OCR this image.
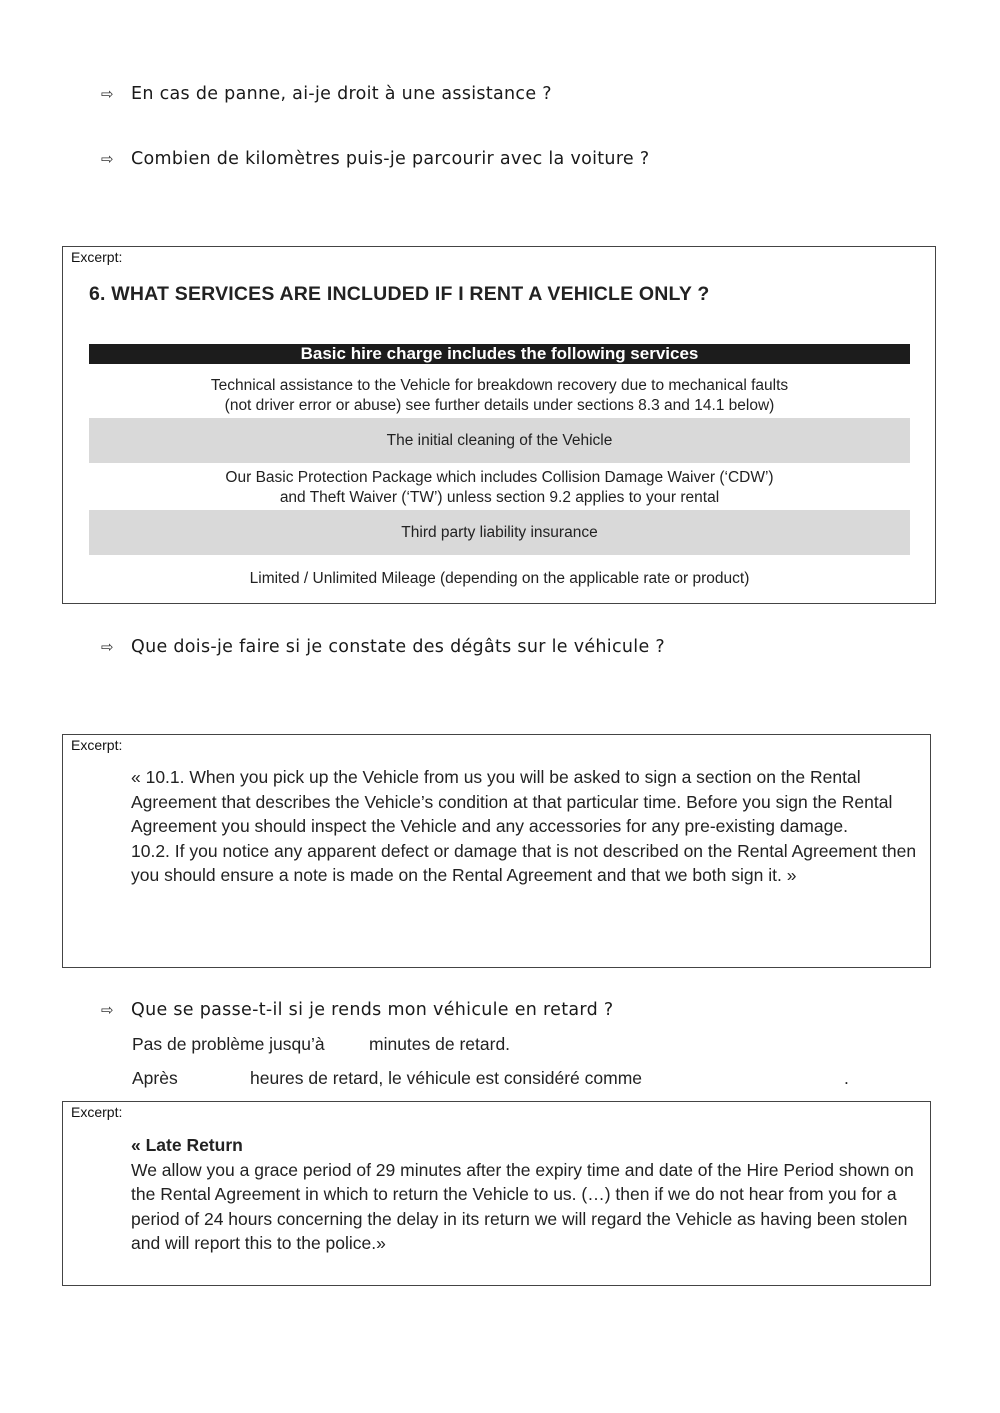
⇨ En cas de panne, ai-je droit à une assistance ?
⇨ Combien de kilomètres puis-je parcourir avec la voiture ?
Excerpt:
6. WHAT SERVICES ARE INCLUDED IF I RENT A VEHICLE ONLY ?
Basic hire charge includes the following services
Technical assistance to the Vehicle for breakdown recovery due to mechanical faults
(not driver error or abuse) see further details under sections 8.3 and 14.1 below)
The initial cleaning of the Vehicle
Our Basic Protection Package which includes Collision Damage Waiver (‘CDW’)
and Theft Waiver (‘TW’) unless section 9.2 applies to your rental
Third party liability insurance
Limited / Unlimited Mileage (depending on the applicable rate or product)
⇨ Que dois-je faire si je constate des dégâts sur le véhicule ?
Excerpt:

« 10.1. When you pick up the Vehicle from us you will be asked to sign a section on the Rental Agreement that describes the Vehicle’s condition at that particular time. Before you sign the Rental Agreement you should inspect the Vehicle and any accessories for any pre-existing damage.

10.2. If you notice any apparent defect or damage that is not described on the Rental Agreement then you should ensure a note is made on the Rental Agreement and that we both sign it. »

⇨ Que se passe-t-il si je rends mon véhicule en retard ?
Pas de problème jusqu’à	minutes de retard.
Après	heures de retard, le véhicule est considéré comme	.
Excerpt:

« Late Return

We allow you a grace period of 29 minutes after the expiry time and date of the Hire Period shown on the Rental Agreement in which to return the Vehicle to us. (…) then if we do not hear from you for a period of 24 hours concerning the delay in its return we will regard the Vehicle as having been stolen and will report this to the police.»
